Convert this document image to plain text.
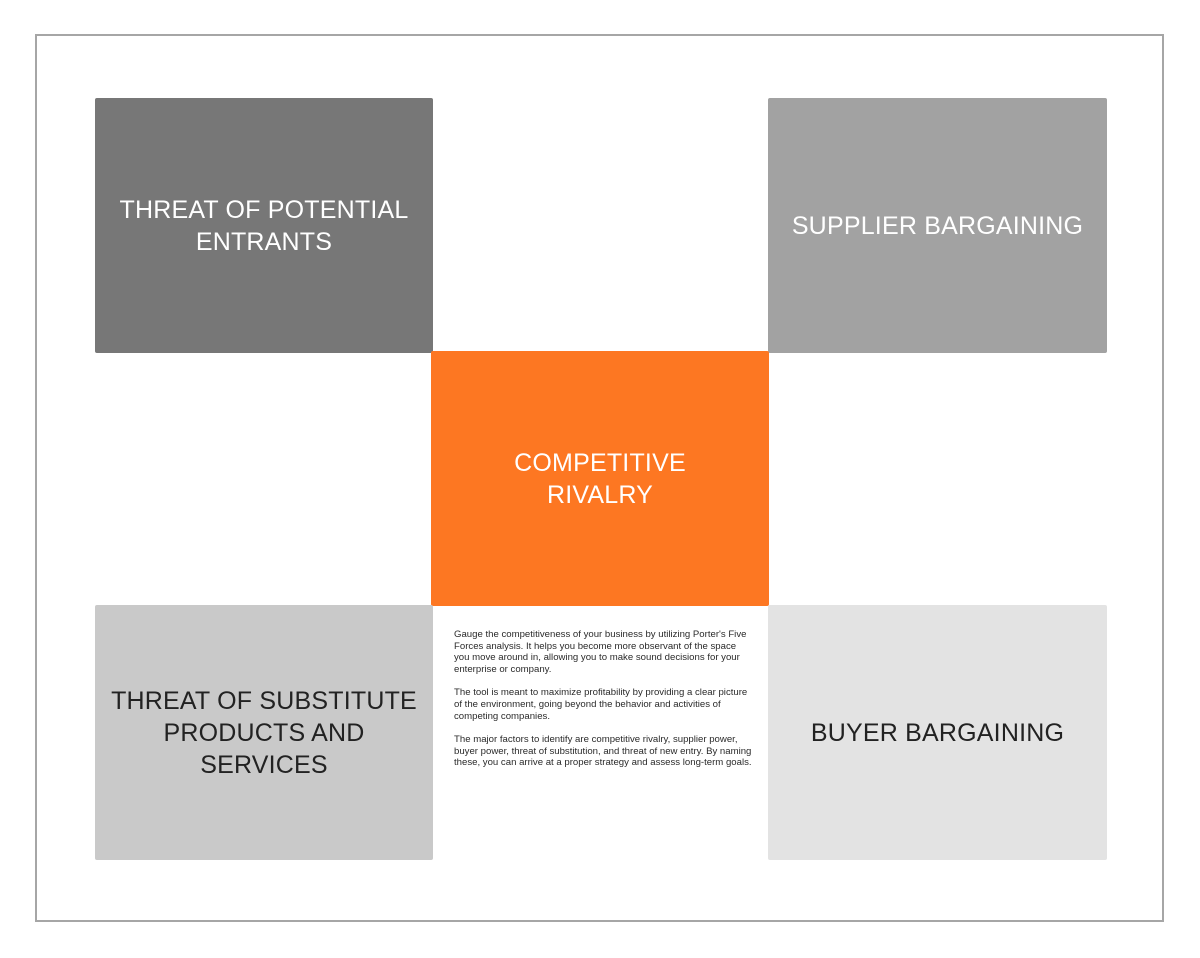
THREAT OF POTENTIAL ENTRANTS
SUPPLIER BARGAINING
COMPETITIVE RIVALRY
THREAT OF SUBSTITUTE PRODUCTS AND SERVICES
BUYER BARGAINING

Gauge the competitiveness of your business by utilizing Porter's Five Forces analysis. It helps you become more observant of the space you move around in, allowing you to make sound decisions for your enterprise or company.

The tool is meant to maximize profitability by providing a clear picture of the environment, going beyond the behavior and activities of competing companies.

The major factors to identify are competitive rivalry, supplier power, buyer power, threat of substitution, and threat of new entry. By naming these, you can arrive at a proper strategy and assess long-term goals.
